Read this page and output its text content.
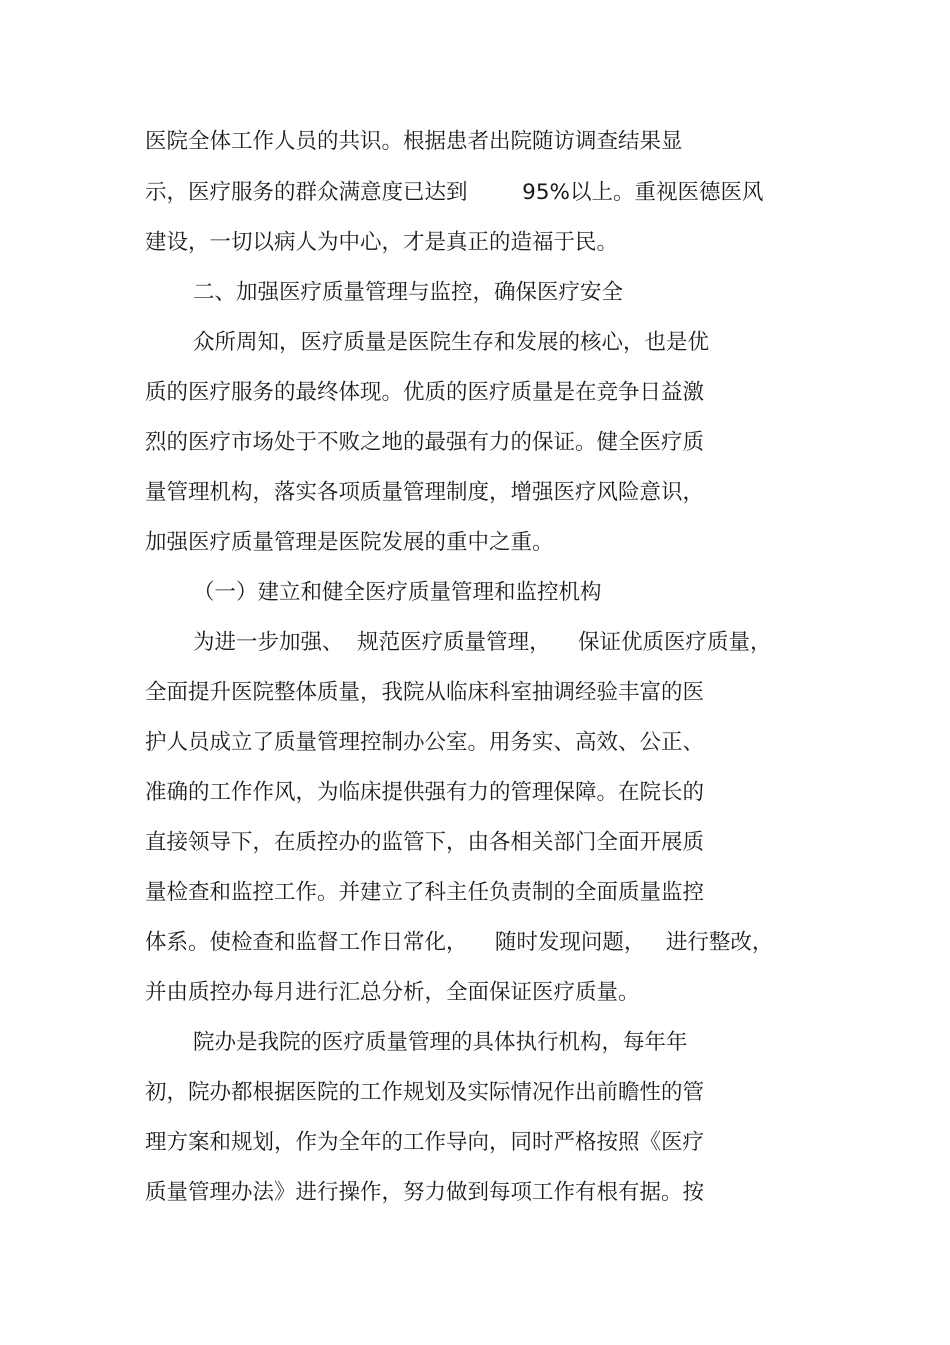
医院全体工作人员的共识。根据患者出院随访调查结果显
示，医疗服务的群众满意度已达到        95%以上。重视医德医风
建设，一切以病人为中心，才是真正的造福于民。
二、加强医疗质量管理与监控，确保医疗安全
众所周知，医疗质量是医院生存和发展的核心，也是优
质的医疗服务的最终体现。优质的医疗质量是在竞争日益激
烈的医疗市场处于不败之地的最强有力的保证。健全医疗质
量管理机构，落实各项质量管理制度，增强医疗风险意识，
加强医疗质量管理是医院发展的重中之重。
（一）建立和健全医疗质量管理和监控机构
为进一步加强、  规范医疗质量管理，    保证优质医疗质量，
全面提升医院整体质量，我院从临床科室抽调经验丰富的医
护人员成立了质量管理控制办公室。用务实、高效、公正、
准确的工作作风，为临床提供强有力的管理保障。在院长的
直接领导下，在质控办的监管下，由各相关部门全面开展质
量检查和监控工作。并建立了科主任负责制的全面质量监控
体系。使检查和监督工作日常化，    随时发现问题，   进行整改，
并由质控办每月进行汇总分析，全面保证医疗质量。
院办是我院的医疗质量管理的具体执行机构，每年年
初，院办都根据医院的工作规划及实际情况作出前瞻性的管
理方案和规划，作为全年的工作导向，同时严格按照《医疗
质量管理办法》进行操作，努力做到每项工作有根有据。按
